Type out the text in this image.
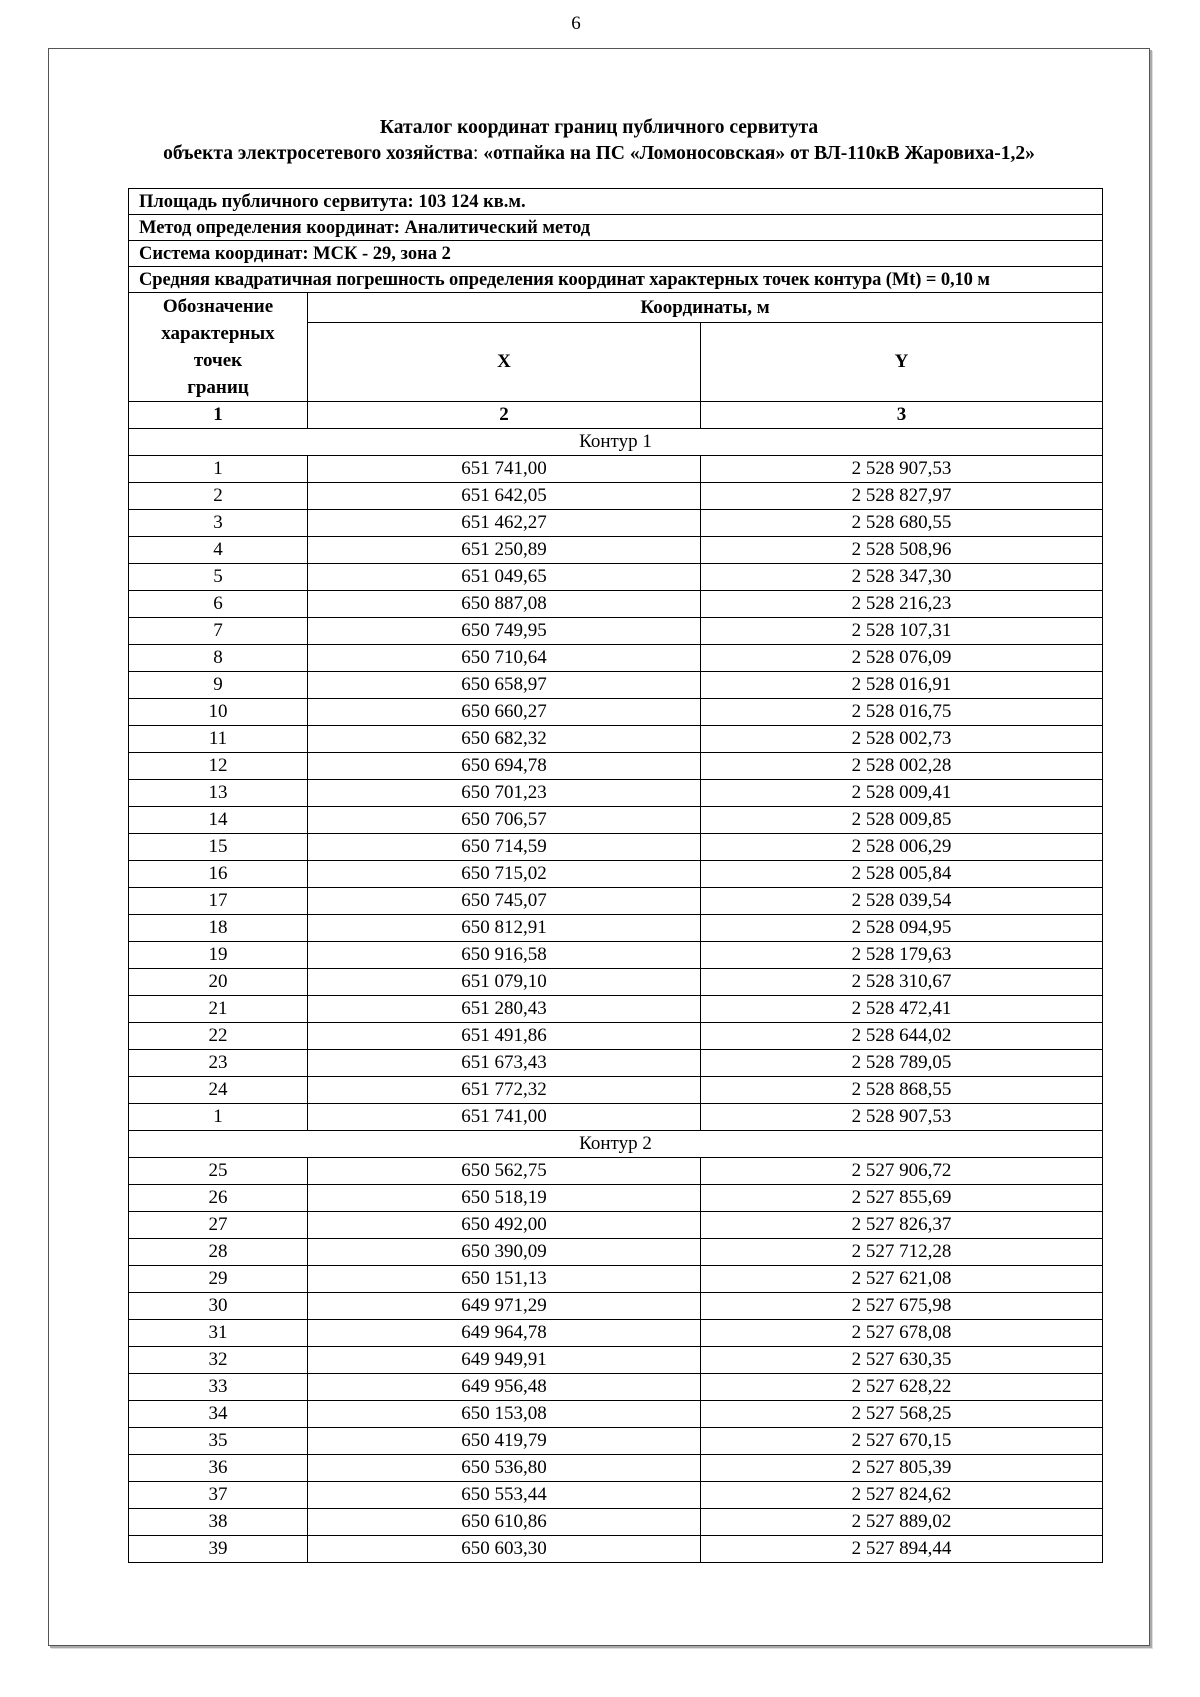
6
Каталог координат границ публичного сервитута
объекта электросетевого хозяйства: «отпайка на ПС «Ломоносовская» от ВЛ-110кВ Жаровиха-1,2»
Площадь публичного сервитута: 103 124 кв.м.		
Метод определения координат: Аналитический метод		
Система координат: МСК - 29, зона 2		
Средняя квадратичная погрешность определения координат характерных точек контура (Mt) = 0,10 м		

Обозначение
характерных
точек
границ	Координаты, м	
	X	Y
1	2	3
Контур 1		
1	651 741,00	2 528 907,53
2	651 642,05	2 528 827,97
3	651 462,27	2 528 680,55
4	651 250,89	2 528 508,96
5	651 049,65	2 528 347,30
6	650 887,08	2 528 216,23
7	650 749,95	2 528 107,31
8	650 710,64	2 528 076,09
9	650 658,97	2 528 016,91
10	650 660,27	2 528 016,75
11	650 682,32	2 528 002,73
12	650 694,78	2 528 002,28
13	650 701,23	2 528 009,41
14	650 706,57	2 528 009,85
15	650 714,59	2 528 006,29
16	650 715,02	2 528 005,84
17	650 745,07	2 528 039,54
18	650 812,91	2 528 094,95
19	650 916,58	2 528 179,63
20	651 079,10	2 528 310,67
21	651 280,43	2 528 472,41
22	651 491,86	2 528 644,02
23	651 673,43	2 528 789,05
24	651 772,32	2 528 868,55
1	651 741,00	2 528 907,53
Контур 2		
25	650 562,75	2 527 906,72
26	650 518,19	2 527 855,69
27	650 492,00	2 527 826,37
28	650 390,09	2 527 712,28
29	650 151,13	2 527 621,08
30	649 971,29	2 527 675,98
31	649 964,78	2 527 678,08
32	649 949,91	2 527 630,35
33	649 956,48	2 527 628,22
34	650 153,08	2 527 568,25
35	650 419,79	2 527 670,15
36	650 536,80	2 527 805,39
37	650 553,44	2 527 824,62
38	650 610,86	2 527 889,02
39	650 603,30	2 527 894,44
